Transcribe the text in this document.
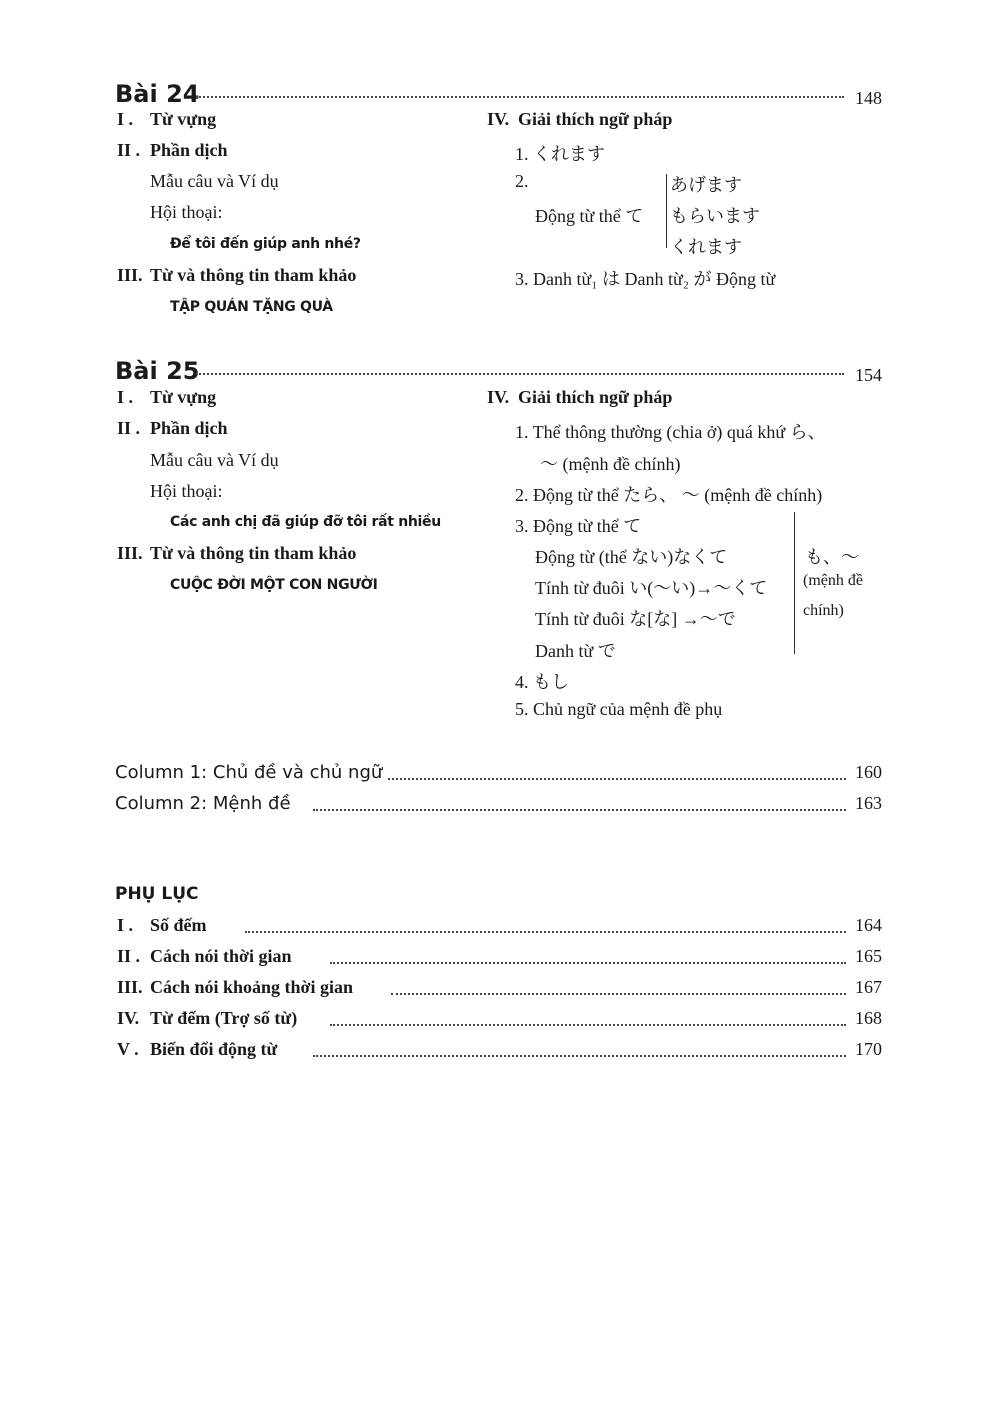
Bài 24	148
I . Từ vựng
II . Phần dịch
Mẫu câu và Ví dụ
Hội thoại:
Để tôi đến giúp anh nhé?
III. Từ và thông tin tham khảo
TẬP QUÁN TẶNG QUÀ
IV. Giải thích ngữ pháp
1. くれます
2.
Động từ thể て
あげます
もらいます
くれます
3. Danh từ₁ は Danh từ₂ が Động từ
Bài 25	154
I . Từ vựng
II . Phần dịch
Mẫu câu và Ví dụ
Hội thoại:
Các anh chị đã giúp đỡ tôi rất nhiều
III. Từ và thông tin tham khảo
CUỘC ĐỜI MỘT CON NGƯỜI
IV. Giải thích ngữ pháp
1. Thể thông thường (chia ở) quá khứ ら、
～ (mệnh đề chính)
2. Động từ thể たら、 ～ (mệnh đề chính)
3. Động từ thể て
Động từ (thể ない)なくて
Tính từ đuôi い(～い)→～くて
Tính từ đuôi な[な] →～で
Danh từ で
も、～
(mệnh đề
chính)
4. もし
5. Chủ ngữ của mệnh đề phụ
Column 1: Chủ đề và chủ ngữ	160
Column 2: Mệnh đề	163
PHỤ LỤC
I . Số đếm	164
II . Cách nói thời gian	165
III. Cách nói khoảng thời gian	167
IV. Từ đếm (Trợ số từ)	168
V . Biến đổi động từ	170
